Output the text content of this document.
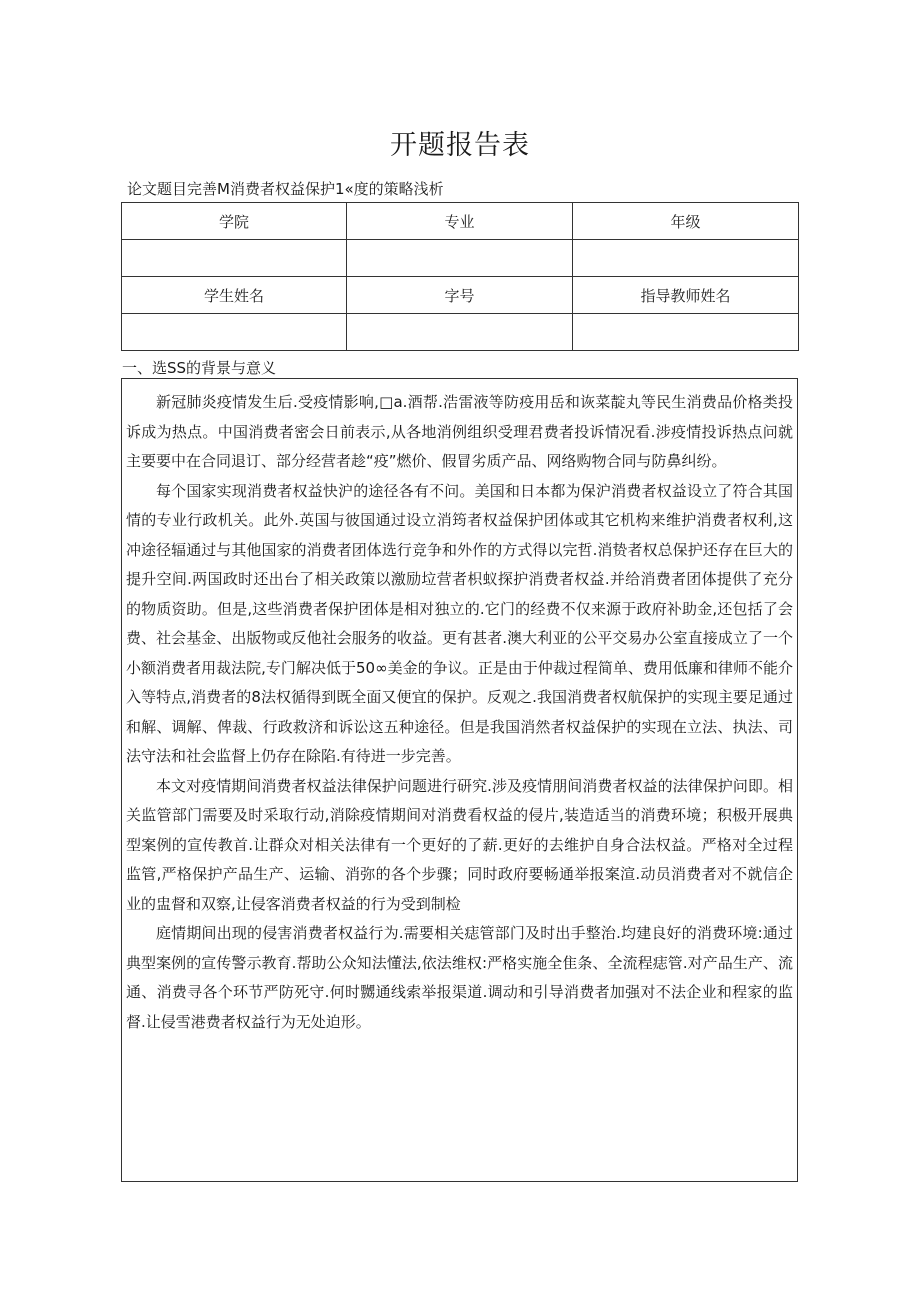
开题报告表
论文题目完善M消费者权益保护1«度的策略浅析
学院	专业	年级

学生姓名	字号	指导教师姓名

一、选SS的背景与意义

新冠肺炎疫情发生后.受疫情影响,□a.酒帮.浩雷液等防疫用岳和诙菜靛丸等民生消费品价格类投诉成为热点。中国消费者密会日前表示,从各地消例组织受理君费者投诉情况看.涉疫情投诉热点问就主要要中在合同退订、部分经营者趁“疫”燃价、假冒劣质产品、网络购物合同与防鼻纠纷。

每个国家实现消费者权益快沪的途径各有不问。美国和日本都为保沪消费者权益设立了符合其国情的专业行政机关。此外.英国与彼国通过设立消筠者权益保护团体或其它机构来维护消费者权利,这冲途径辐通过与其他国家的消费者团体选行竞争和外作的方式得以完哲.消贽者权总保护还存在巨大的提升空间.两国政时还出台了相关政策以激励垃营者枳蚁探护消费者权益.并给消费者团体提供了充分的物质资助。但是,这些消费者保护团体是相对独立的.它门的经费不仅来源于政府补助金,还包括了会费、社会基金、出版物或反他社会服务的收益。更有甚者.澳大利亚的公平交易办公室直接成立了一个小额消费者用裁法院,专门解决低于50∞美金的争议。正是由于仲裁过程简单、费用低廉和律师不能介入等特点,消费者的8法权循得到既全面又便宜的保护。反观之.我国消费者权航保护的实现主要足通过和解、调解、俾裁、行政救济和诉讼这五种途径。但是我国消然者权益保护的实现在立法、执法、司法守法和社会监督上仍存在除陷.有待进一步完善。

本文对疫情期间消费者权益法律保护问题进行研究.涉及疫情朋间消费者权益的法律保护问即。相关监管部门需要及时采取行动,消除疫情期间对消费看权益的侵片,装造适当的消费环境；积极开展典型案例的宣传教首.让群众对相关法律有一个更好的了薪.更好的去维护自身合法权益。严格对全过程监管,严格保护产品生产、运输、消弥的各个步骤；同时政府要畅通举报案渲.动员消费者对不就信企业的盅督和双察,让侵客消费者权益的行为受到制检

庭情期间出现的侵害消费者权益行为.需要相关痣管部门及时出手整治.均建良好的消费环境:通过典型案例的宣传警示教育.帮助公众知法懂法,依法维权:严格实施全隹条、全流程痣管.对产品生产、流通、消费寻各个环节严防死守.何时嬲通线索举报渠道.调动和引导消费者加强对不法企业和程家的监督.让侵雪港费者权益行为无处迫形。
